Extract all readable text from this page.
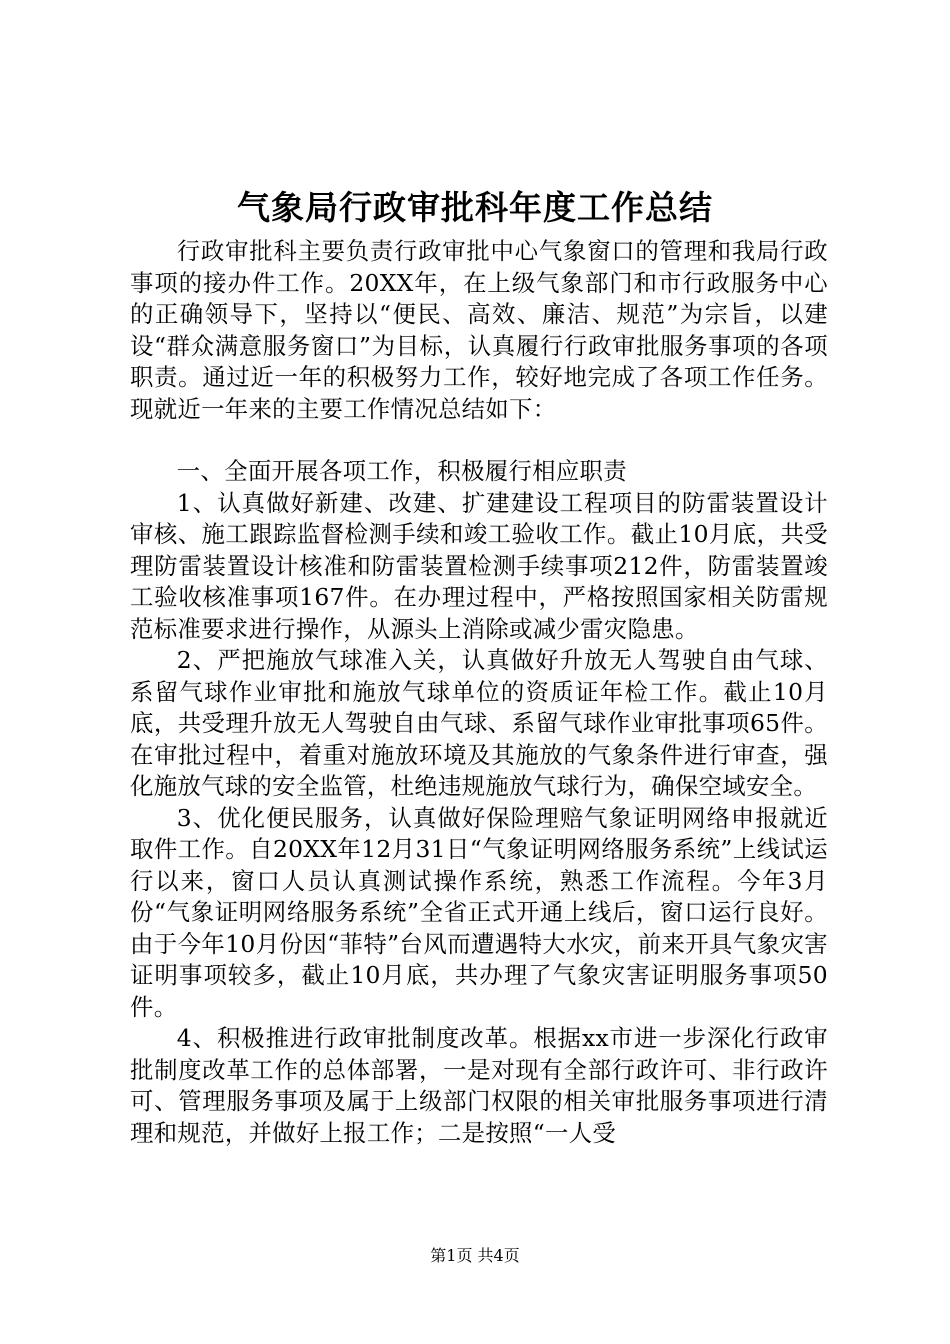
气象局行政审批科年度工作总结

行政审批科主要负责行政审批中心气象窗口的管理和我局行政事项的接办件工作。20XX年，在上级气象部门和市行政服务中心的正确领导下，坚持以“便民、高效、廉洁、规范”为宗旨，以建设“群众满意服务窗口”为目标，认真履行行政审批服务事项的各项职责。通过近一年的积极努力工作，较好地完成了各项工作任务。现就近一年来的主要工作情况总结如下：

一、全面开展各项工作，积极履行相应职责

1、认真做好新建、改建、扩建建设工程项目的防雷装置设计审核、施工跟踪监督检测手续和竣工验收工作。截止10月底，共受理防雷装置设计核准和防雷装置检测手续事项212件，防雷装置竣工验收核准事项167件。在办理过程中，严格按照国家相关防雷规范标准要求进行操作，从源头上消除或减少雷灾隐患。

2、严把施放气球准入关，认真做好升放无人驾驶自由气球、系留气球作业审批和施放气球单位的资质证年检工作。截止10月底，共受理升放无人驾驶自由气球、系留气球作业审批事项65件。在审批过程中，着重对施放环境及其施放的气象条件进行审查，强化施放气球的安全监管，杜绝违规施放气球行为，确保空域安全。

3、优化便民服务，认真做好保险理赔气象证明网络申报就近取件工作。自20XX年12月31日“气象证明网络服务系统”上线试运行以来，窗口人员认真测试操作系统，熟悉工作流程。今年3月份“气象证明网络服务系统”全省正式开通上线后，窗口运行良好。由于今年10月份因“菲特”台风而遭遇特大水灾，前来开具气象灾害证明事项较多，截止10月底，共办理了气象灾害证明服务事项50件。

4、积极推进行政审批制度改革。根据xx市进一步深化行政审批制度改革工作的总体部署，一是对现有全部行政许可、非行政许可、管理服务事项及属于上级部门权限的相关审批服务事项进行清理和规范，并做好上报工作；二是按照“一人受

第1页 共4页
